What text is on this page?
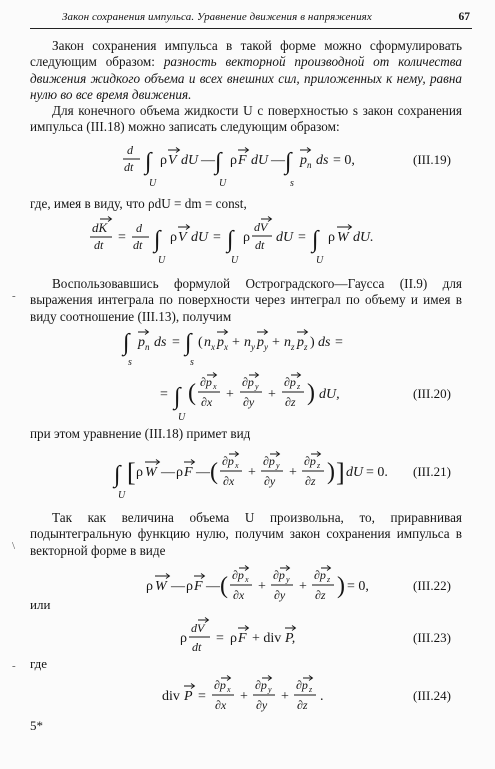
Закон сохранения импульса. Уравнение движения в напряжениях	67

Закон сохранения импульса в такой форме можно сформулировать следующим образом: разность векторной производной от количества движения жидкого объема и всех внешних сил, приложенных к нему, равна нулю во все время движения.

Для конечного объема жидкости U с поверхностью s закон сохранения импульса (III.18) можно записать следующим образом:

d
dt ∫
U
ρ V dU — ∫
U
ρ F dU — ∫
s
p n ds = 0,	(III.19)

где, имея в виду, что ρdU = dm = const,

dK
dt =
d
dt ∫
U
ρ V dU = ∫
U
ρ
dV
dt dU = ∫
U
ρ W dU.

Воспользовавшись формулой Остроградского—Гаусса (II.9) для выражения интеграла по поверхности через интеграл по объему и имея в виду соотношение (III.13), получим

∫
s
p n ds = ∫
s
( n x p x + n y p y + n z p z ) ds =
= ∫
U
( ∂p x
∂x +
∂p y
∂y +
∂p z
∂z ) dU,	(III.20)

при этом уравнение (III.18) примет вид

∫
U
[ ρ W — ρ F — ( ∂p x
∂x
+
∂p y
∂y
+
∂p z
∂z ) ] dU = 0. (III.21)

Так как величина объема U произвольна, то, приравнивая подынтегральную функцию нулю, получим закон сохранения импульса в векторной форме в виде

ρ W — ρ F — ( ∂p x
∂x
+
∂p y
∂y
+
∂p z
∂z ) = 0,	(III.22)
или
ρ
dV
dt
= ρ F + div P,	(III.23)
где
div P =
∂p x
∂x
+
∂p y
∂y
+
∂p z
∂z
.	(III.24)
5*
-
\
-
